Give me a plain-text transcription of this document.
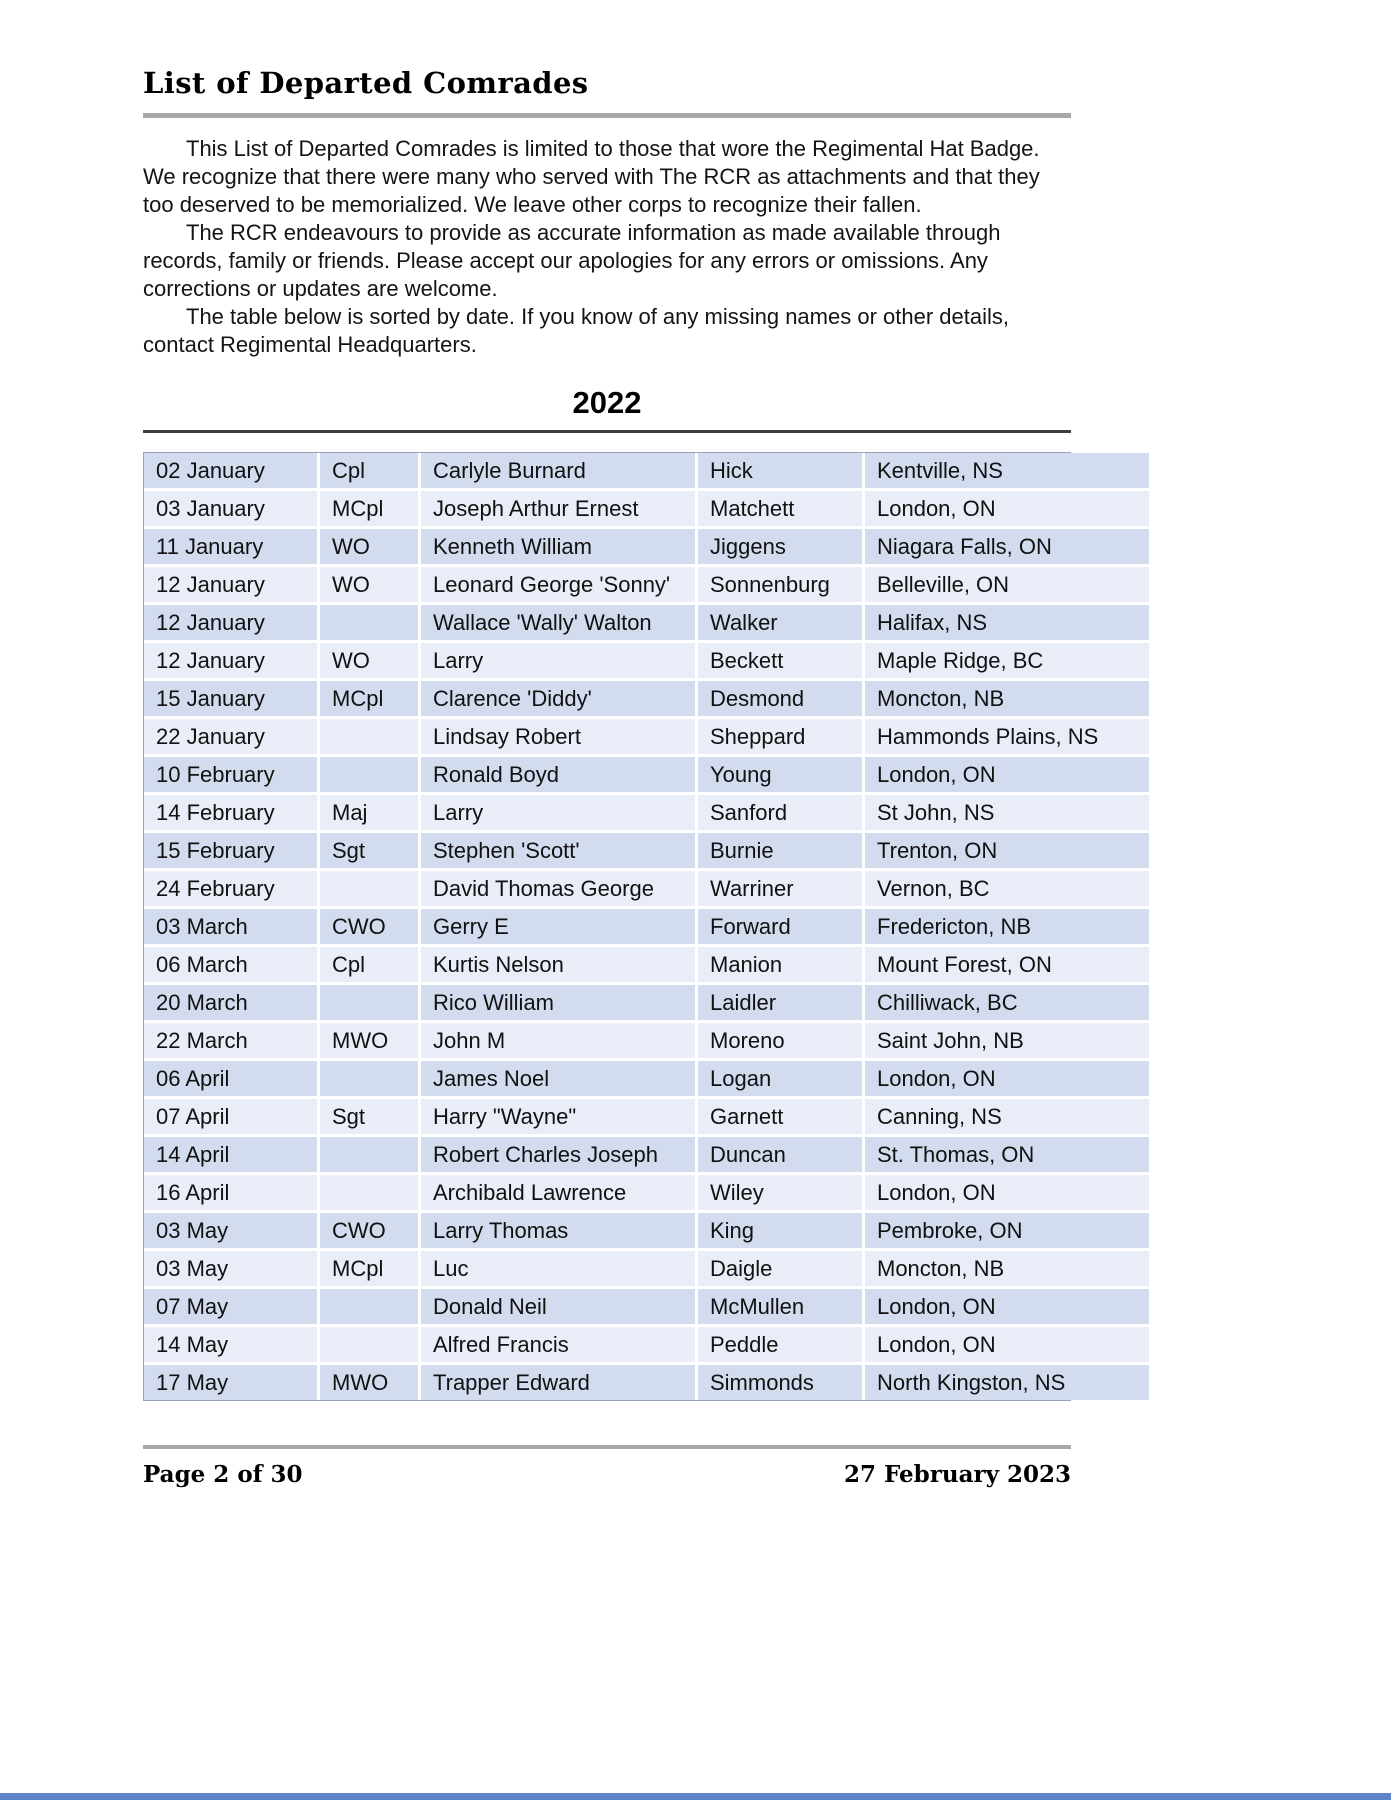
List of Departed Comrades

This List of Departed Comrades is limited to those that wore the Regimental Hat Badge. We recognize that there were many who served with The RCR as attachments and that they too deserved to be memorialized. We leave other corps to recognize their fallen.

The RCR endeavours to provide as accurate information as made available through records, family or friends. Please accept our apologies for any errors or omissions. Any corrections or updates are welcome.

The table below is sorted by date. If you know of any missing names or other details, contact Regimental Headquarters.

2022
02 January	Cpl	Carlyle Burnard	Hick	Kentville, NS
03 January	MCpl	Joseph Arthur Ernest	Matchett	London, ON
11 January	WO	Kenneth William	Jiggens	Niagara Falls, ON
12 January	WO	Leonard George 'Sonny'	Sonnenburg	Belleville, ON
12 January		Wallace 'Wally' Walton	Walker	Halifax, NS
12 January	WO	Larry	Beckett	Maple Ridge, BC
15 January	MCpl	Clarence 'Diddy'	Desmond	Moncton, NB
22 January		Lindsay Robert	Sheppard	Hammonds Plains, NS
10 February		Ronald Boyd	Young	London, ON
14 February	Maj	Larry	Sanford	St John, NS
15 February	Sgt	Stephen 'Scott'	Burnie	Trenton, ON
24 February		David Thomas George	Warriner	Vernon, BC
03 March	CWO	Gerry E	Forward	Fredericton, NB
06 March	Cpl	Kurtis Nelson	Manion	Mount Forest, ON
20 March		Rico William	Laidler	Chilliwack, BC
22 March	MWO	John M	Moreno	Saint John, NB
06 April		James Noel	Logan	London, ON
07 April	Sgt	Harry "Wayne"	Garnett	Canning, NS
14 April		Robert Charles Joseph	Duncan	St. Thomas, ON
16 April		Archibald Lawrence	Wiley	London, ON
03 May	CWO	Larry Thomas	King	Pembroke, ON
03 May	MCpl	Luc	Daigle	Moncton, NB
07 May		Donald Neil	McMullen	London, ON
14 May		Alfred Francis	Peddle	London, ON
17 May	MWO	Trapper Edward	Simmonds	North Kingston, NS
Page 2 of 30	27 February 2023
